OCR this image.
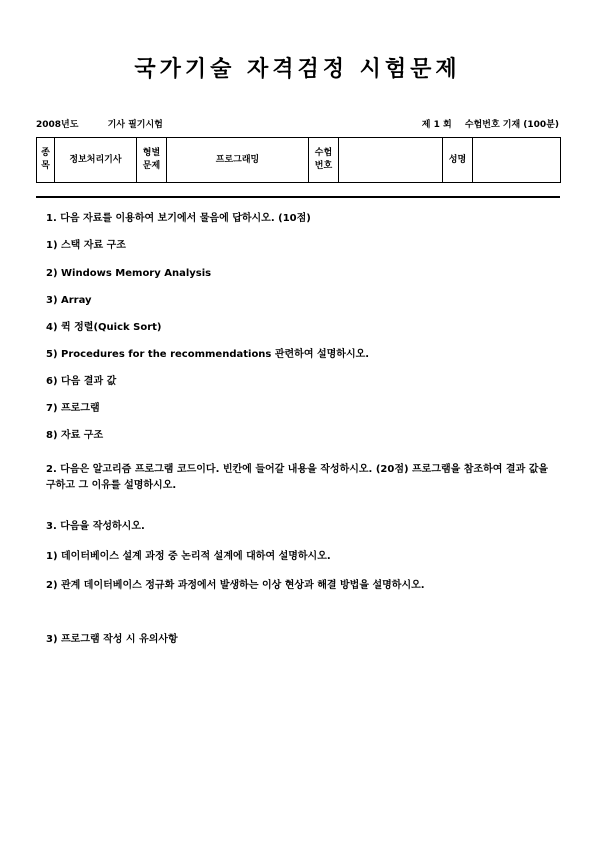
국가기술 자격검정 시험문제
2008년도	기사 필기시험	제 1 회 수험번호 기재 (100분)
종목	정보처리기사	형별 문제	프로그래밍	수험 번호		성명	
1. 다음 자료를 이용하여 보기에서 물음에 답하시오. (10점)
1) 스택 자료 구조
2) Windows Memory Analysis
3) Array
4) 퀵 정렬(Quick Sort)
5) Procedures for the recommendations 관련하여 설명하시오.
6) 다음 결과 값
7) 프로그램
8) 자료 구조
2. 다음은 알고리즘 프로그램 코드이다. 빈칸에 들어갈 내용을 작성하시오. (20점) 프로그램을 참조하여 결과 값을 구하고 그 이유를 설명하시오.
3. 다음을 작성하시오.
1) 데이터베이스 설계 과정 중 논리적 설계에 대하여 설명하시오.
2) 관계 데이터베이스 정규화 과정에서 발생하는 이상 현상과 해결 방법을 설명하시오.
3) 프로그램 작성 시 유의사항
